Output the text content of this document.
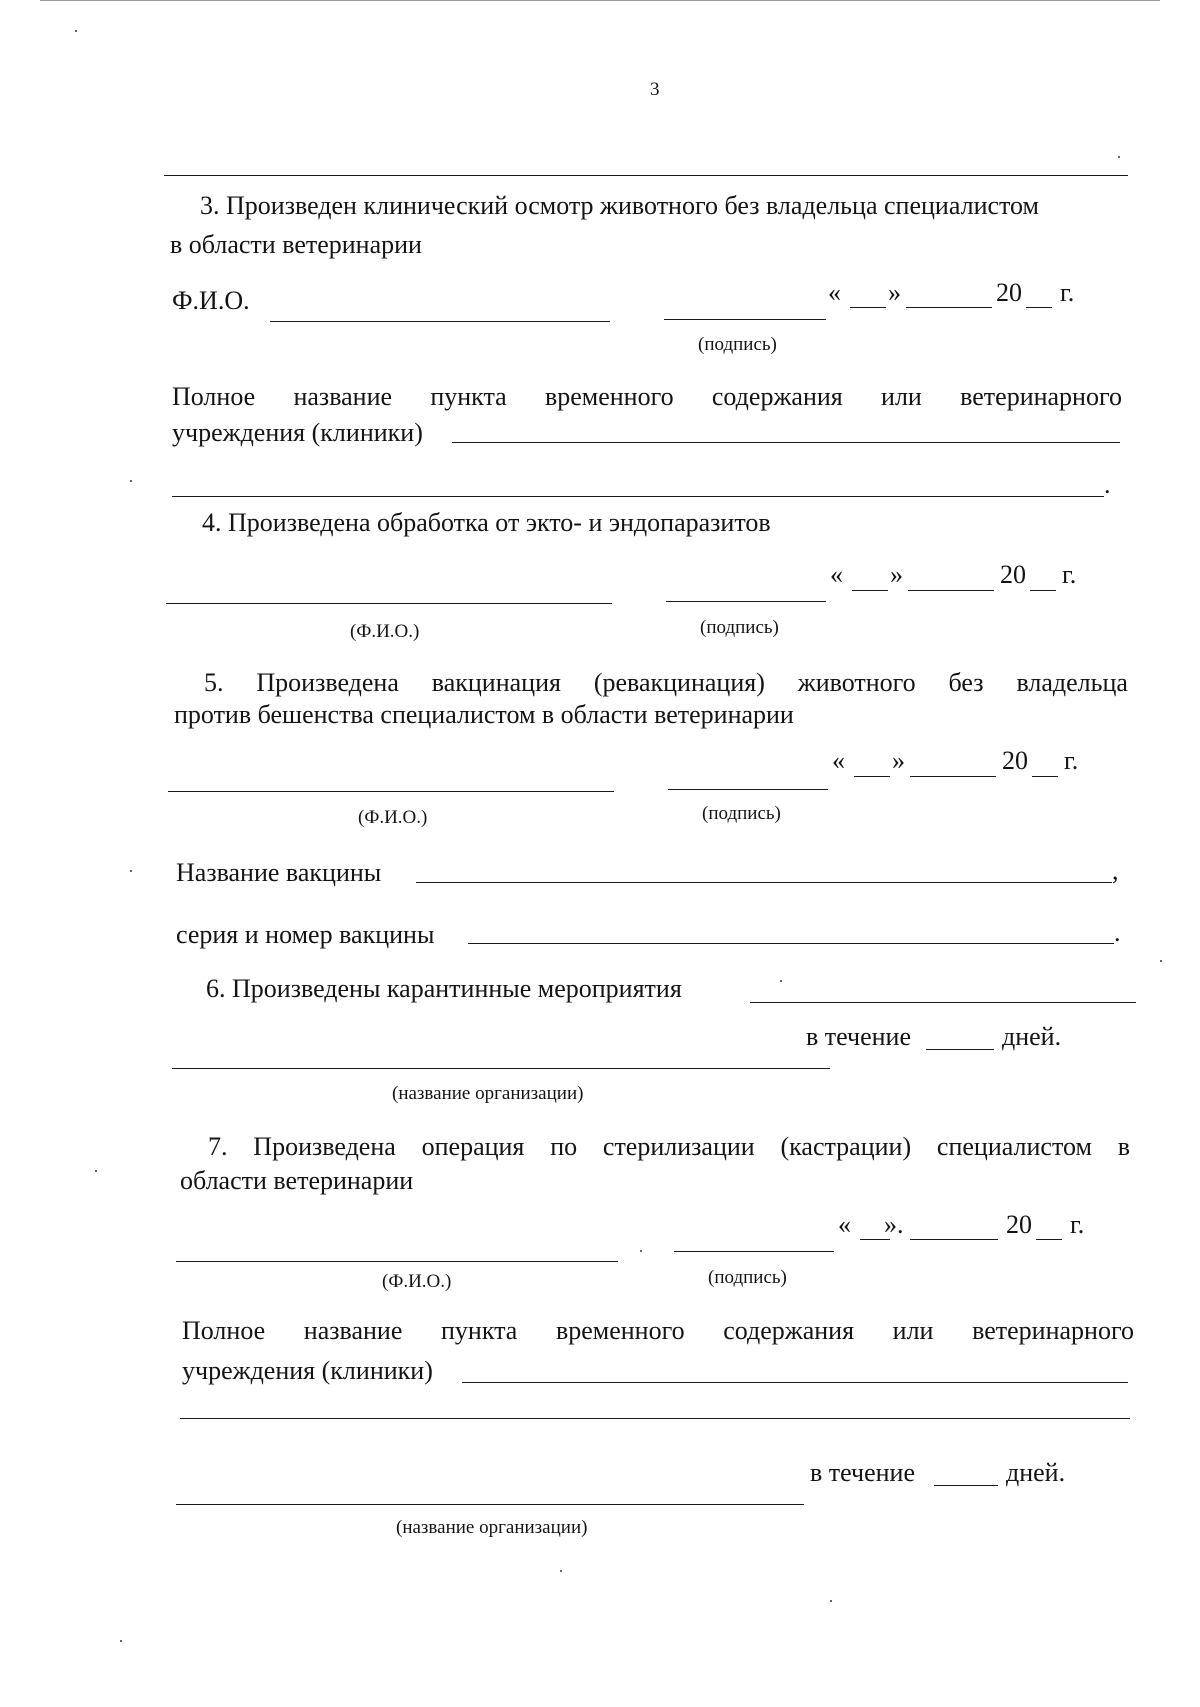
3
3. Произведен клинический осмотр животного без владельца специалистом
в области ветеринарии
Ф.И.О.	« »	20 г.
(подпись)
Полное название пункта временного содержания или ветеринарного
учреждения (клиники)
.
4. Произведена обработка от экто- и эндопаразитов
« »	20 г.
(Ф.И.О.)	(подпись)
5. Произведена вакцинация (ревакцинация) животного без владельца
против бешенства специалистом в области ветеринарии
« »	20 г.
(Ф.И.О.)	(подпись)
Название вакцины	,
серия и номер вакцины	.
6. Произведены карантинные мероприятия
в течение	дней.
(название организации)
7. Произведена операция по стерилизации (кастрации) специалистом в
области ветеринарии
« ».	20 г.
(Ф.И.О.)	(подпись)
Полное название пункта временного содержания или ветеринарного
учреждения (клиники)
в течение	дней.
(название организации)
